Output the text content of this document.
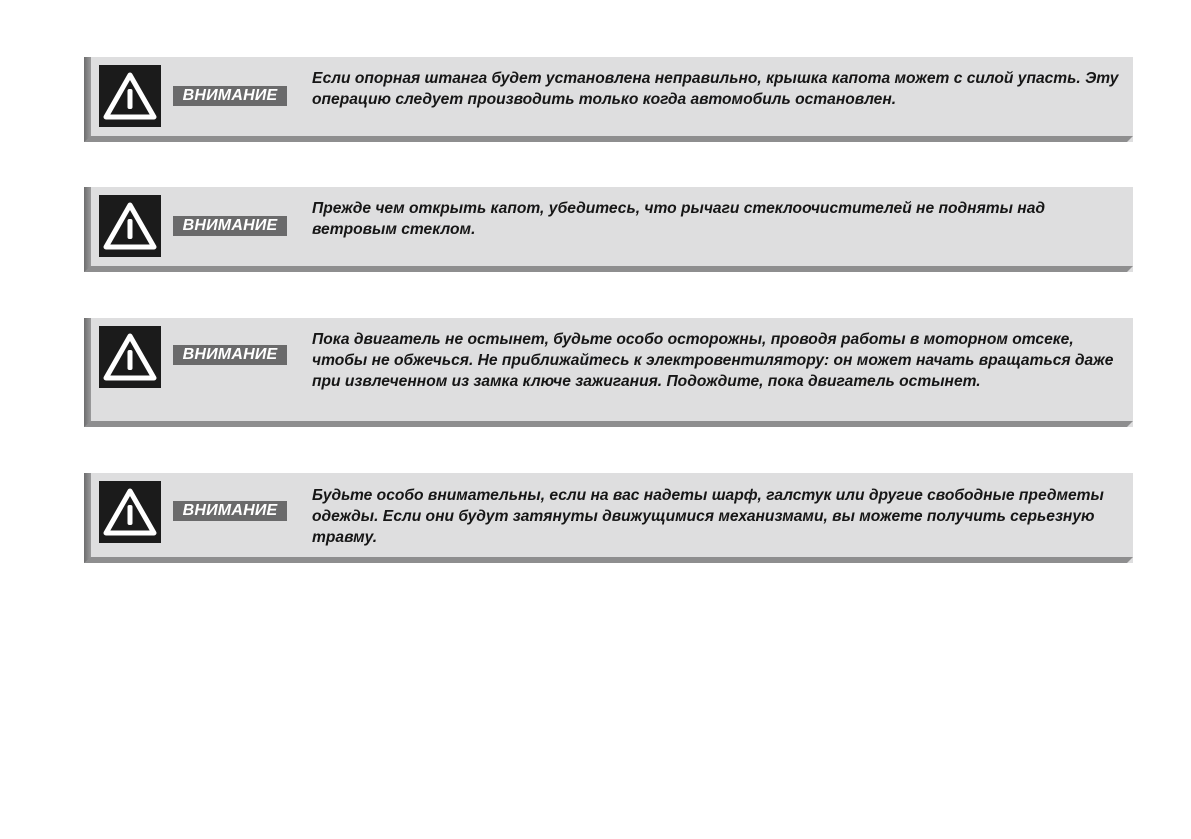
ВНИМАНИЕ

Если опорная штанга будет установлена неправильно, крышка капота может с силой упасть. Эту операцию следует производить только когда автомобиль остановлен.

ВНИМАНИЕ

Прежде чем открыть капот, убедитесь, что рычаги стеклоочистителей не подняты над ветровым стеклом.

ВНИМАНИЕ

Пока двигатель не остынет, будьте особо осторожны, проводя работы в моторном отсеке, чтобы не обжечься. Не приближайтесь к электровентилятору: он может начать вращаться даже при извлеченном из замка ключе зажигания. Подождите, пока двигатель остынет.

ВНИМАНИЕ

Будьте особо внимательны, если на вас надеты шарф, галстук или другие свободные предметы одежды. Если они будут затянуты движущимися механизмами, вы можете получить серьезную травму.
